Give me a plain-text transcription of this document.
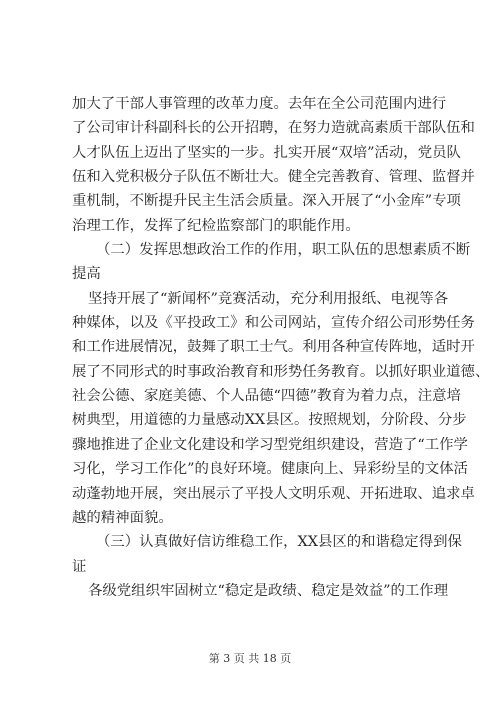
加大了干部人事管理的改革力度。去年在全公司范围内进行
了公司审计科副科长的公开招聘，在努力造就高素质干部队伍和
人才队伍上迈出了坚实的一步。扎实开展“双培”活动，党员队
伍和入党积极分子队伍不断壮大。健全完善教育、管理、监督并
重机制，不断提升民主生活会质量。深入开展了“小金库”专项
治理工作，发挥了纪检监察部门的职能作用。
（二）发挥思想政治工作的作用，职工队伍的思想素质不断
提高
坚持开展了“新闻杯”竞赛活动，充分利用报纸、电视等各
种媒体，以及《平投政工》和公司网站，宣传介绍公司形势任务
和工作进展情况，鼓舞了职工士气。利用各种宣传阵地，适时开
展了不同形式的时事政治教育和形势任务教育。以抓好职业道德、
社会公德、家庭美德、个人品德“四德”教育为着力点，注意培
树典型，用道德的力量感动XX县区。按照规划，分阶段、分步
骤地推进了企业文化建设和学习型党组织建设，营造了“工作学
习化，学习工作化”的良好环境。健康向上、异彩纷呈的文体活
动蓬勃地开展，突出展示了平投人文明乐观、开拓进取、追求卓
越的精神面貌。
（三）认真做好信访维稳工作，XX县区的和谐稳定得到保
证
各级党组织牢固树立“稳定是政绩、稳定是效益”的工作理
第 3 页 共 18 页
